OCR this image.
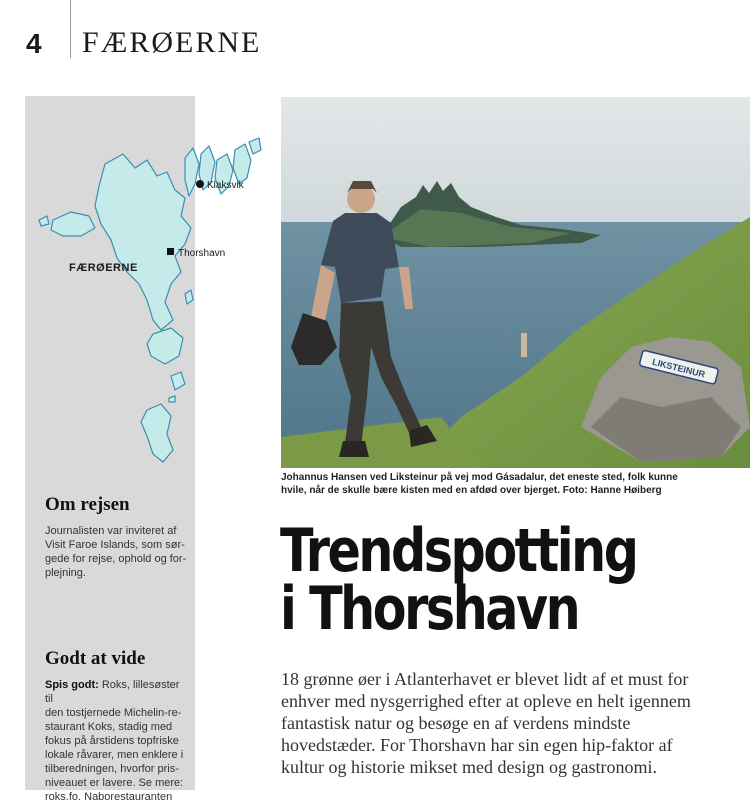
4 FÆRØERNE
FÆRØERNE
Klaksvik
Thorshavn
Om rejsen
Journalisten var inviteret af
Visit Faroe Islands, som sør-
gede for rejse, ophold og for-
plejning.
Godt at vide
Spis godt: Roks, lillesøster til
den tostjernede Michelin-re-
staurant Koks, stadig med
fokus på årstidens topfriske
lokale råvarer, men enklere i
tilberedningen, hvorfor pris-
niveauet er lavere. Se mere:
roks.fo. Naborestauranten
LIKSTEINUR
Johannus Hansen ved Liksteinur på vej mod Gásadalur, det eneste sted, folk kunne
hvile, når de skulle bære kisten med en afdød over bjerget. Foto: Hanne Høiberg
Trendspotting
i Thorshavn
18 grønne øer i Atlanterhavet er blevet lidt af et must for
enhver med nysgerrighed efter at opleve en helt igennem
fantastisk natur og besøge en af verdens mindste
hovedstæder. For Thorshavn har sin egen hip-faktor af
kultur og historie mikset med design og gastronomi.
